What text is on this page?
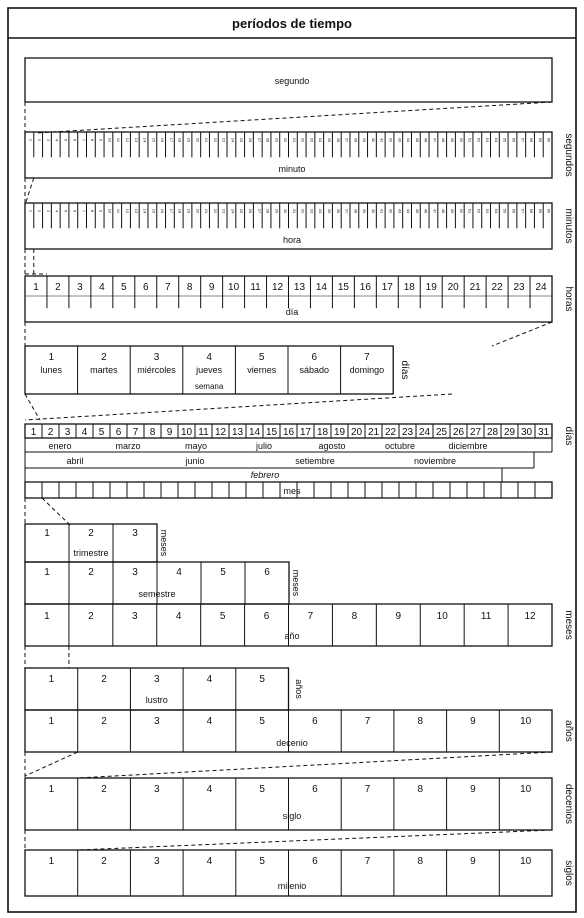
períodos de tiempo
segundo
1 2 3 4 5 6 7 8 9 10 11 12 13 14 15 16 17 18 19 20 21 22 23 24 25 26 27 28 29 30 31 32 33 34 35 36 37 38 39 40 41 42 43 44 45 46 47 48 49 50 51 52 53 54 55 56 57 58 59 60
minuto	segundos
1 2 3 4 5 6 7 8 9 10 11 12 13 14 15 16 17 18 19 20 21 22 23 24 25 26 27 28 29 30 31 32 33 34 35 36 37 38 39 40 41 42 43 44 45 46 47 48 49 50 51 52 53 54 55 56 57 58 59 60
hora	minutos
1 2 3 4 5 6 7 8 9 10 11 12 13 14 15 16 17 18 19 20 21 22 23 24
día
horas
1
lunes
2
martes
3
miércoles
4
jueves
5
viernes
6
sábado
7
domingo
semana
días
1 2 3 4 5 6 7 8 9 10 11 12 13 14 15 16 17 18 19 20 21 22 23 24 25 26 27 28 29 30 31
enero	marzo	mayo	julio	agosto	octubre	diciembre
abril	junio	setiembre	noviembre
febrero
mes
días
1	2	3
trimestre	meses
1	2	3	4	5	6
semestre	meses
1	2	3	4	5	6	7	8	9	10	11	12
año	meses
1	2	3	4	5
lustro
años
1	2	3	4	5	6	7	8	9	10
decenio
años
1	2	3	4	5	6	7	8	9	10
siglo	decenios
1	2	3	4	5	6	7	8	9	10
milenio
siglos
